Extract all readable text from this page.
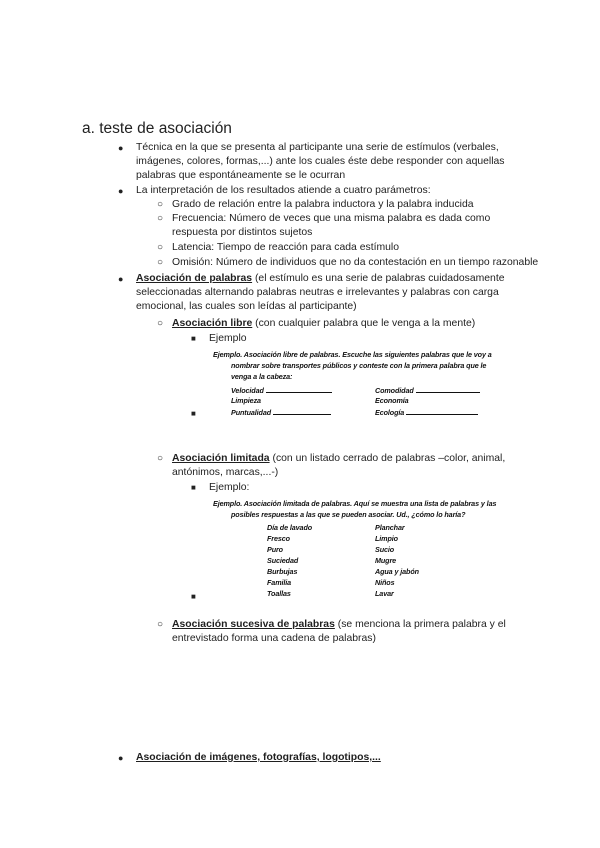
a. teste de asociación
● Técnica en la que se presenta al participante una serie de estímulos (verbales,
imágenes, colores, formas,...) ante los cuales éste debe responder con aquellas
palabras que espontáneamente se le ocurran
● La interpretación de los resultados atiende a cuatro parámetros:
○ Grado de relación entre la palabra inductora y la palabra inducida
○ Frecuencia: Número de veces que una misma palabra es dada como
respuesta por distintos sujetos
○ Latencia: Tiempo de reacción para cada estímulo
○ Omisión: Número de individuos que no da contestación en un tiempo razonable
● Asociación de palabras (el estímulo es una serie de palabras cuidadosamente
seleccionadas alternando palabras neutras e irrelevantes y palabras con carga
emocional, las cuales son leídas al participante)
○ Asociación libre (con cualquier palabra que le venga a la mente)
■ Ejemplo
Ejemplo. Asociación libre de palabras. Escuche las siguientes palabras que le voy a
nombrar sobre transportes públicos y conteste con la primera palabra que le
venga a la cabeza:
Velocidad
Limpieza
Puntualidad
Comodidad
Economía
Ecología
■
○ Asociación limitada (con un listado cerrado de palabras –color, animal,
antónimos, marcas,...-)
■ Ejemplo:
Ejemplo. Asociación limitada de palabras. Aquí se muestra una lista de palabras y las
posibles respuestas a las que se pueden asociar. Ud., ¿cómo lo haría?
Día de lavado
Fresco
Puro
Suciedad
Burbujas
Familia
Toallas
Planchar
Limpio
Sucio
Mugre
Agua y jabón
Niños
Lavar
■
○ Asociación sucesiva de palabras (se menciona la primera palabra y el
entrevistado forma una cadena de palabras)
● Asociación de imágenes, fotografías, logotipos,...
